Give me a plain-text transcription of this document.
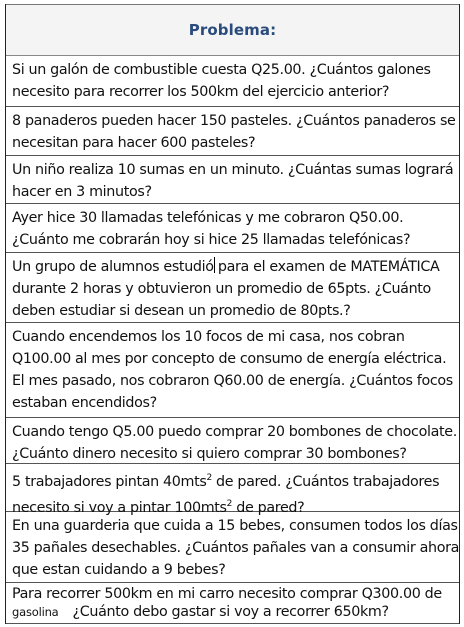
Problema:

Si un galón de combustible cuesta Q25.00. ¿Cuántos galones

necesito para recorrer los 500km del ejercicio anterior?

8 panaderos pueden hacer 150 pasteles. ¿Cuántos panaderos se

necesitan para hacer 600 pasteles?

Un niño realiza 10 sumas en un minuto. ¿Cuántas sumas logrará

hacer en 3 minutos?

Ayer hice 30 llamadas telefónicas y me cobraron Q50.00.

¿Cuánto me cobrarán hoy si hice 25 llamadas telefónicas?

Un grupo de alumnos estudió para el examen de MATEMÁTICA

durante 2 horas y obtuvieron un promedio de 65pts. ¿Cuánto

deben estudiar si desean un promedio de 80pts.?

Cuando encendemos los 10 focos de mi casa, nos cobran

Q100.00 al mes por concepto de consumo de energía eléctrica.

El mes pasado, nos cobraron Q60.00 de energía. ¿Cuántos focos

estaban encendidos?

Cuando tengo Q5.00 puedo comprar 20 bombones de chocolate.

¿Cuánto dinero necesito si quiero comprar 30 bombones?

5 trabajadores pintan 40mts$^2$ de pared. ¿Cuántos trabajadores

necesito si voy a pintar 100mts$^2$ de pared?

En una guarderia que cuida a 15 bebes, consumen todos los días

35 pañales desechables. ¿Cuántos pañales van a consumir ahora

que estan cuidando a 9 bebes?

Para recorrer 500km en mi carro necesito comprar Q300.00 de

gasolina ¿Cuánto debo gastar si voy a recorrer 650km?
